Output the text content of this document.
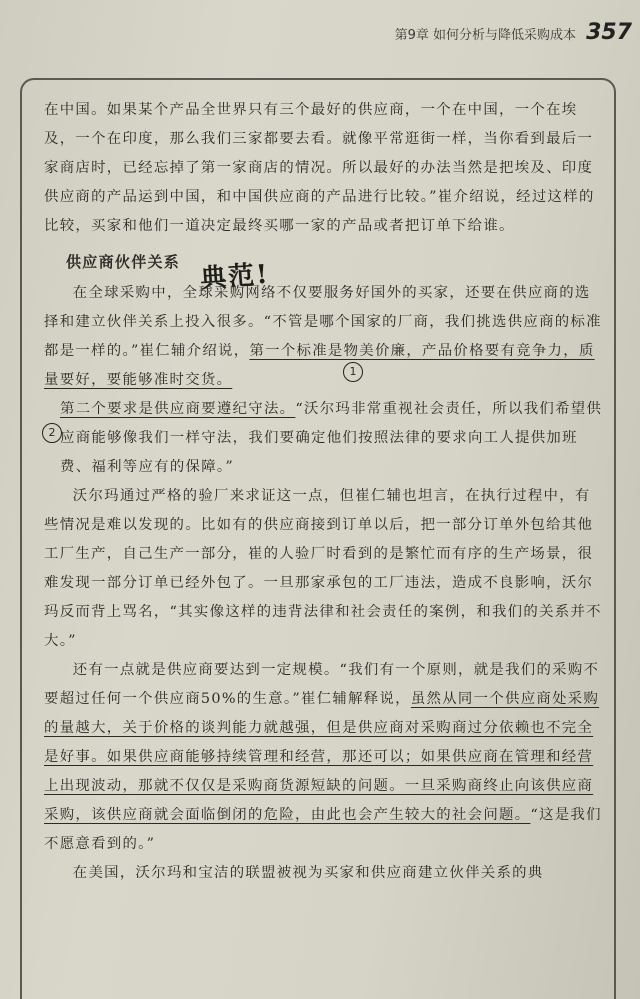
第9章 如何分析与降低采购成本 357
典范!
1
2

在中国。如果某个产品全世界只有三个最好的供应商，一个在中国，一个在埃及，一个在印度，那么我们三家都要去看。就像平常逛街一样，当你看到最后一家商店时，已经忘掉了第一家商店的情况。所以最好的办法当然是把埃及、印度供应商的产品运到中国，和中国供应商的产品进行比较。”崔介绍说，经过这样的比较，买家和他们一道决定最终买哪一家的产品或者把订单下给谁。

供应商伙伴关系

在全球采购中，全球采购网络不仅要服务好国外的买家，还要在供应商的选择和建立伙伴关系上投入很多。“不管是哪个国家的厂商，我们挑选供应商的标准都是一样的。”崔仁辅介绍说，第一个标准是物美价廉，产品价格要有竞争力，质量要好，要能够准时交货。

第二个要求是供应商要遵纪守法。“沃尔玛非常重视社会责任，所以我们希望供应商能够像我们一样守法，我们要确定他们按照法律的要求向工人提供加班费、福利等应有的保障。”

沃尔玛通过严格的验厂来求证这一点，但崔仁辅也坦言，在执行过程中，有些情况是难以发现的。比如有的供应商接到订单以后，把一部分订单外包给其他工厂生产，自己生产一部分，崔的人验厂时看到的是繁忙而有序的生产场景，很难发现一部分订单已经外包了。一旦那家承包的工厂违法，造成不良影响，沃尔玛反而背上骂名，“其实像这样的违背法律和社会责任的案例，和我们的关系并不大。”

还有一点就是供应商要达到一定规模。“我们有一个原则，就是我们的采购不要超过任何一个供应商50%的生意。”崔仁辅解释说，虽然从同一个供应商处采购的量越大，关于价格的谈判能力就越强，但是供应商对采购商过分依赖也不完全是好事。如果供应商能够持续管理和经营，那还可以；如果供应商在管理和经营上出现波动，那就不仅仅是采购商货源短缺的问题。一旦采购商终止向该供应商采购，该供应商就会面临倒闭的危险，由此也会产生较大的社会问题。“这是我们不愿意看到的。”

在美国，沃尔玛和宝洁的联盟被视为买家和供应商建立伙伴关系的典
